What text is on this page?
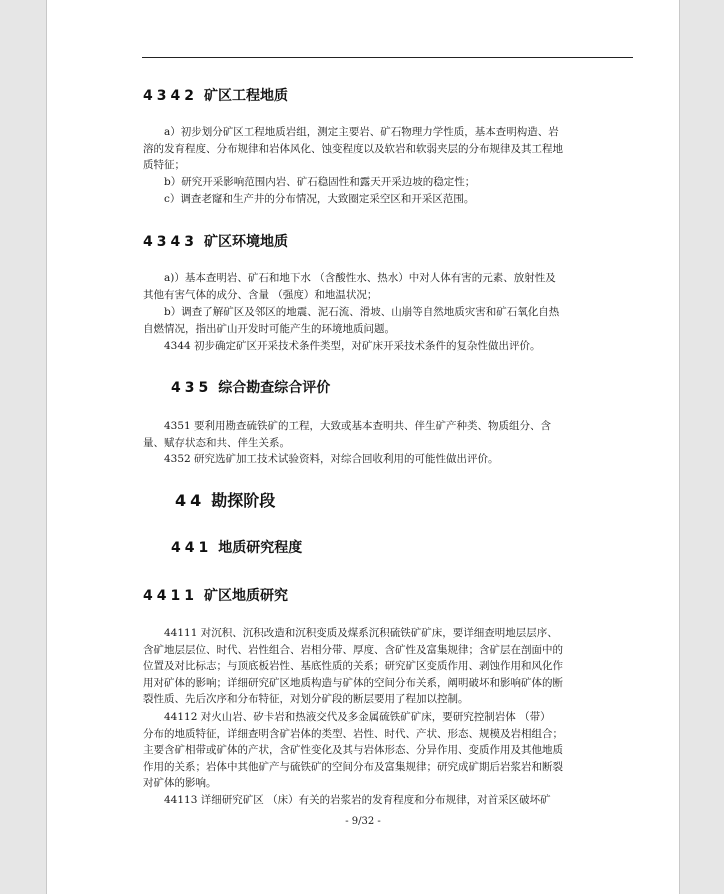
4342 矿区工程地质
a）初步划分矿区工程地质岩组，测定主要岩、矿石物理力学性质，基本查明构造、岩
溶的发育程度、分布规律和岩体风化、蚀变程度以及软岩和软弱夹层的分布规律及其工程地
质特征；
b）研究开采影响范围内岩、矿石稳固性和露天开采边坡的稳定性；
c）调查老窿和生产井的分布情况，大致圈定采空区和开采区范围。
4343 矿区环境地质
a)）基本查明岩、矿石和地下水 （含酸性水、热水）中对人体有害的元素、放射性及
其他有害气体的成分、含量 （强度）和地温状况；
b）调查了解矿区及邻区的地震、泥石流、滑坡、山崩等自然地质灾害和矿石氧化自热
自燃情况，指出矿山开发时可能产生的环境地质问题。
4344 初步确定矿区开采技术条件类型，对矿床开采技术条件的复杂性做出评价。
435 综合勘查综合评价
4351 要利用勘查硫铁矿的工程，大致或基本查明共、伴生矿产种类、物质组分、含
量、赋存状态和共、伴生关系。
4352 研究选矿加工技术试验资料，对综合回收利用的可能性做出评价。
44 勘探阶段
441 地质研究程度
4411 矿区地质研究
44111 对沉积、沉积改造和沉积变质及煤系沉积硫铁矿矿床，要详细查明地层层序、
含矿地层层位、时代、岩性组合、岩相分带、厚度、含矿性及富集规律；含矿层在剖面中的
位置及对比标志；与顶底板岩性、基底性质的关系；研究矿区变质作用、剥蚀作用和风化作
用对矿体的影响；详细研究矿区地质构造与矿体的空间分布关系，阐明破坏和影响矿体的断
裂性质、先后次序和分布特征，对划分矿段的断层要用了程加以控制。
44112 对火山岩、矽卡岩和热液交代及多金属硫铁矿矿床，要研究控制岩体 （带）
分布的地质特征，详细查明含矿岩体的类型、岩性、时代、产状、形态、规模及岩相组合；
主要含矿相带或矿体的产状，含矿性变化及其与岩体形态、分异作用、变质作用及其他地质
作用的关系；岩体中其他矿产与硫铁矿的空间分布及富集规律；研究成矿期后岩浆岩和断裂
对矿体的影响。
44113 详细研究矿区 （床）有关的岩浆岩的发育程度和分布规律，对首采区破坏矿
- 9/32 -
